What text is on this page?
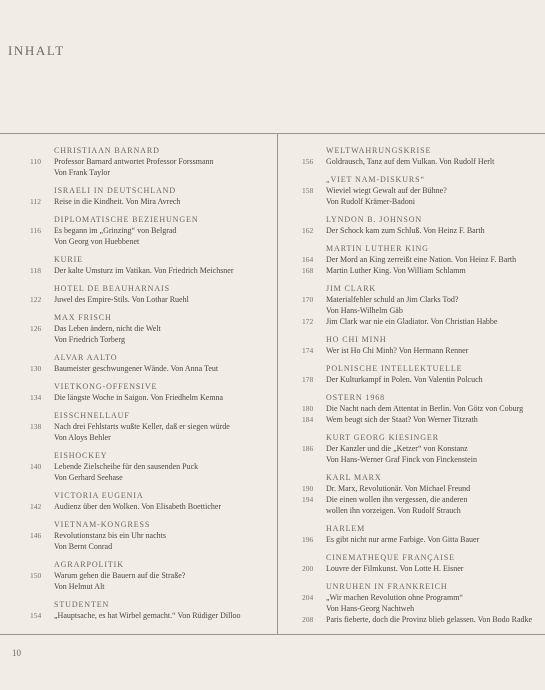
INHALT
CHRISTIAAN BARNARD
110	Professor Barnard antwortet Professor Forssmann
Von Frank Taylor
ISRAELI IN DEUTSCHLAND
112	Reise in die Kindheit. Von Mira Avrech
DIPLOMATISCHE BEZIEHUNGEN
116	Es begann im „Grinzing“ von Belgrad
Von Georg von Huebbenet
KURIE
118	Der kalte Umsturz im Vatikan. Von Friedrich Meichsner
HOTEL DE BEAUHARNAIS
122	Juwel des Empire-Stils. Von Lothar Ruehl
MAX FRISCH
126	Das Leben ändern, nicht die Welt
Von Friedrich Torberg
ALVAR AALTO
130	Baumeister geschwungener Wände. Von Anna Teut
VIETKONG-OFFENSIVE
134	Die längste Woche in Saigon. Von Friedhelm Kemna
EISSCHNELLAUF
138	Nach drei Fehlstarts wußte Keller, daß er siegen würde
Von Aloys Behler
EISHOCKEY
140	Lebende Zielscheibe für den sausenden Puck
Von Gerhard Seehase
VICTORIA EUGENIA
142	Audienz über den Wolken. Von Elisabeth Boetticher
VIETNAM-KONGRESS
146	Revolutionstanz bis ein Uhr nachts
Von Bernt Conrad
AGRARPOLITIK
150	Warum gehen die Bauern auf die Straße?
Von Helmut Alt
STUDENTEN
154	„Hauptsache, es hat Wirbel gemacht.“ Von Rüdiger Dilloo
WELTWAHRUNGSKRISE
156	Goldrausch, Tanz auf dem Vulkan. Von Rudolf Herlt
„VIET NAM-DISKURS“
158	Wieviel wiegt Gewalt auf der Bühne?
Von Rudolf Krämer-Badoni
LYNDON B. JOHNSON
162	Der Schock kam zum Schluß. Von Heinz F. Barth
MARTIN LUTHER KING
164	Der Mord an King zerreißt eine Nation. Von Heinz F. Barth
168	Martin Luther King. Von William Schlamm
JIM CLARK
170	Materialfehler schuld an Jim Clarks Tod?
Von Hans-Wilhelm Gäb
172	Jim Clark war nie ein Gladiator. Von Christian Habbe
HO CHI MINH
174	Wer ist Ho Chi Minh? Von Hermann Renner
POLNISCHE INTELLEKTUELLE
178	Der Kulturkampf in Polen. Von Valentin Polcuch
OSTERN 1968
180	Die Nacht nach dem Attentat in Berlin. Von Götz von Coburg
184	Wem beugt sich der Staat? Von Werner Titzrath
KURT GEORG KIESINGER
186	Der Kanzler und die „Ketzer“ von Konstanz
Von Hans-Werner Graf Finck von Finckenstein
KARL MARX
190	Dr. Marx, Revolutionär. Von Michael Freund
194	Die einen wollen ihn vergessen, die anderen
wollen ihn vorzeigen. Von Rudolf Strauch
HARLEM
196	Es gibt nicht nur arme Farbige. Von Gitta Bauer
CINEMATHEQUE FRANÇAISE
200	Louvre der Filmkunst. Von Lotte H. Eisner
UNRUHEN IN FRANKREICH
204	„Wir machen Revolution ohne Programm“
Von Hans-Georg Nachtweh
208	Paris fieberte, doch die Provinz blieb gelassen. Von Bodo Radke
10
